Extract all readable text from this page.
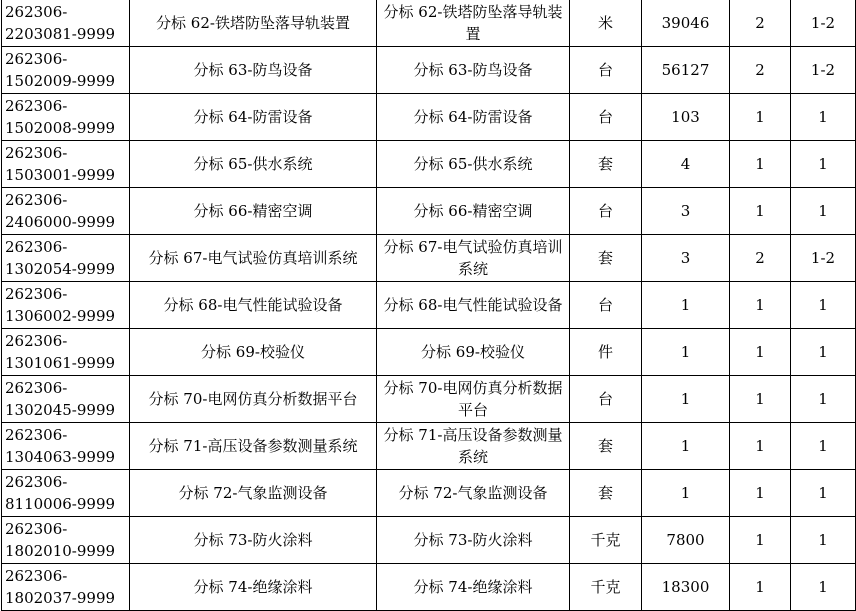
262306-2203081-9999	分标 62-铁塔防坠落导轨装置	分标 62-铁塔防坠落导轨装置	米	39046	2	1-2
262306-1502009-9999	分标 63-防鸟设备	分标 63-防鸟设备	台	56127	2	1-2
262306-1502008-9999	分标 64-防雷设备	分标 64-防雷设备	台	103	1	1
262306-1503001-9999	分标 65-供水系统	分标 65-供水系统	套	4	1	1
262306-2406000-9999	分标 66-精密空调	分标 66-精密空调	台	3	1	1
262306-1302054-9999	分标 67-电气试验仿真培训系统	分标 67-电气试验仿真培训系统	套	3	2	1-2
262306-1306002-9999	分标 68-电气性能试验设备	分标 68-电气性能试验设备	台	1	1	1
262306-1301061-9999	分标 69-校验仪	分标 69-校验仪	件	1	1	1
262306-1302045-9999	分标 70-电网仿真分析数据平台	分标 70-电网仿真分析数据平台	台	1	1	1
262306-1304063-9999	分标 71-高压设备参数测量系统	分标 71-高压设备参数测量系统	套	1	1	1
262306-8110006-9999	分标 72-气象监测设备	分标 72-气象监测设备	套	1	1	1
262306-1802010-9999	分标 73-防火涂料	分标 73-防火涂料	千克	7800	1	1
262306-1802037-9999	分标 74-绝缘涂料	分标 74-绝缘涂料	千克	18300	1	1
